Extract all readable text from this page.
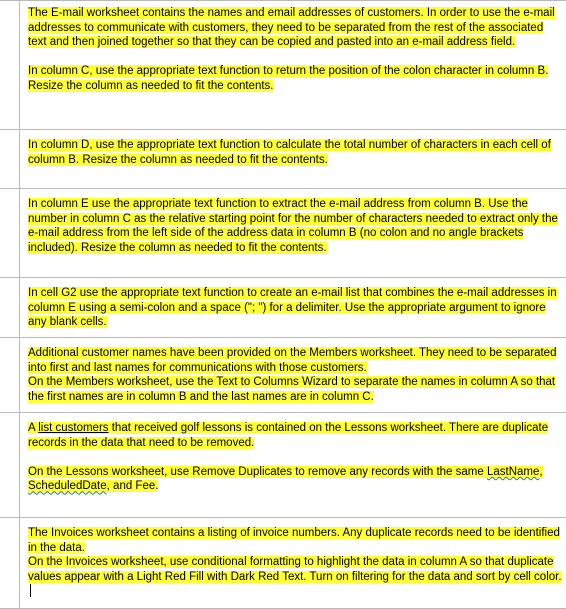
The E-mail worksheet contains the names and email addresses of customers. In order to use the e-mail addresses to communicate with customers, they need to be separated from the rest of the associated text and then joined together so that they can be copied and pasted into an e-mail address field.

In column C, use the appropriate text function to return the position of the colon character in column B. Resize the column as needed to fit the contents.

In column D, use the appropriate text function to calculate the total number of characters in each cell of column B. Resize the column as needed to fit the contents.

In column E use the appropriate text function to extract the e-mail address from column B. Use the number in column C as the relative starting point for the number of characters needed to extract only the e-mail address from the left side of the address data in column B (no colon and no angle brackets included). Resize the column as needed to fit the contents.

In cell G2 use the appropriate text function to create an e-mail list that combines the e-mail addresses in column E using a semi-colon and a space ("; ") for a delimiter. Use the appropriate argument to ignore any blank cells.

Additional customer names have been provided on the Members worksheet. They need to be separated into first and last names for communications with those customers.

On the Members worksheet, use the Text to Columns Wizard to separate the names in column A so that the first names are in column B and the last names are in column C.

A list customers that received golf lessons is contained on the Lessons worksheet. There are duplicate records in the data that need to be removed.

On the Lessons worksheet, use Remove Duplicates to remove any records with the same LastName, ScheduledDate, and Fee.

The Invoices worksheet contains a listing of invoice numbers. Any duplicate records need to be identified in the data.

On the Invoices worksheet, use conditional formatting to highlight the data in column A so that duplicate values appear with a Light Red Fill with Dark Red Text. Turn on filtering for the data and sort by cell color.
